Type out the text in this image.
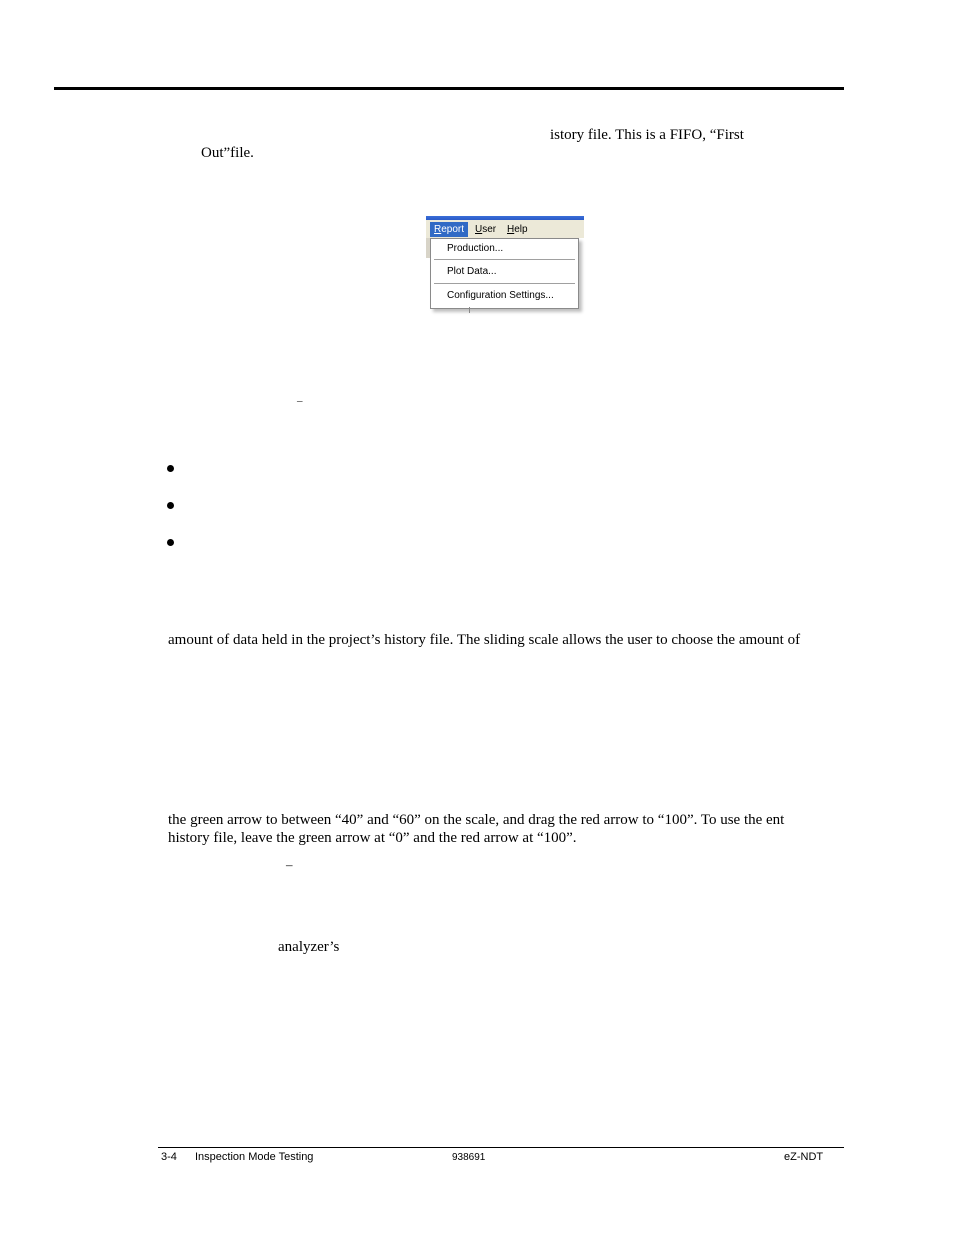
istory file. This is a FIFO, “First
Out”file.
Report	User	Help
Production...
Plot Data...
Configuration Settings...
–
amount of data held in the project’s history file. The sliding scale allows the user to choose the amount of
the green arrow to between “40” and “60” on the scale, and drag the red arrow to “100”. To use the ent
history file, leave the green arrow at “0” and the red arrow at “100”.
–
analyzer’s
3-4 Inspection Mode Testing	938691	eZ-NDT
